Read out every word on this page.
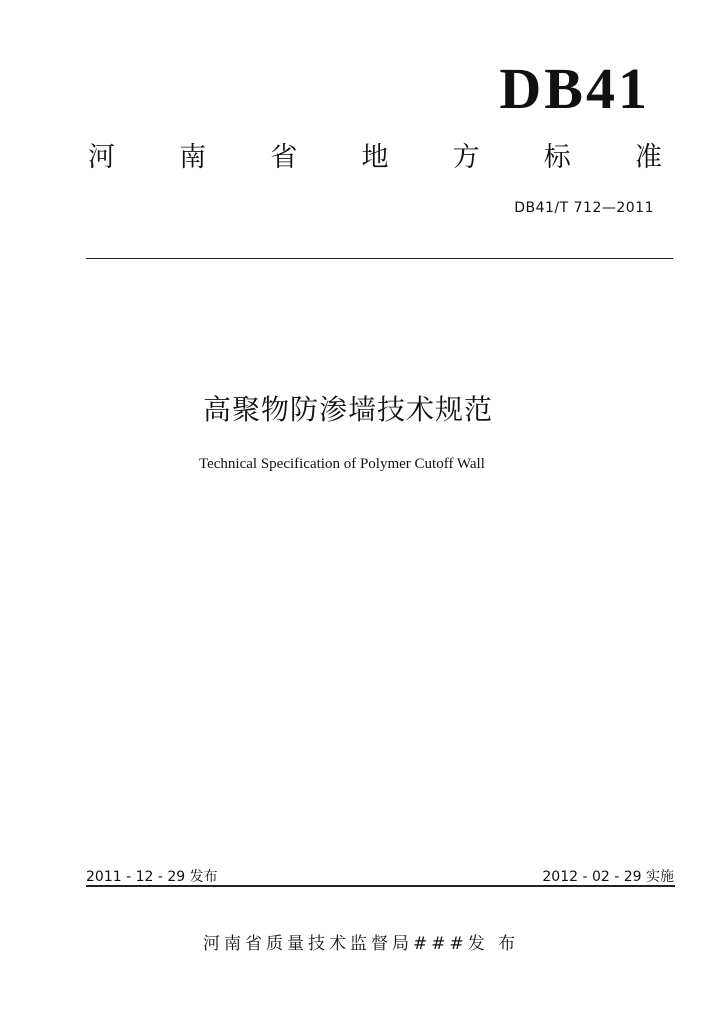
DB41
河 南 省 地 方 标 准
DB41/T 712—2011
高聚物防渗墙技术规范
Technical Specification of Polymer Cutoff Wall
2011 - 12 - 29 发布	2012 - 02 - 29 实施
河南省质量技术监督局###发 布
